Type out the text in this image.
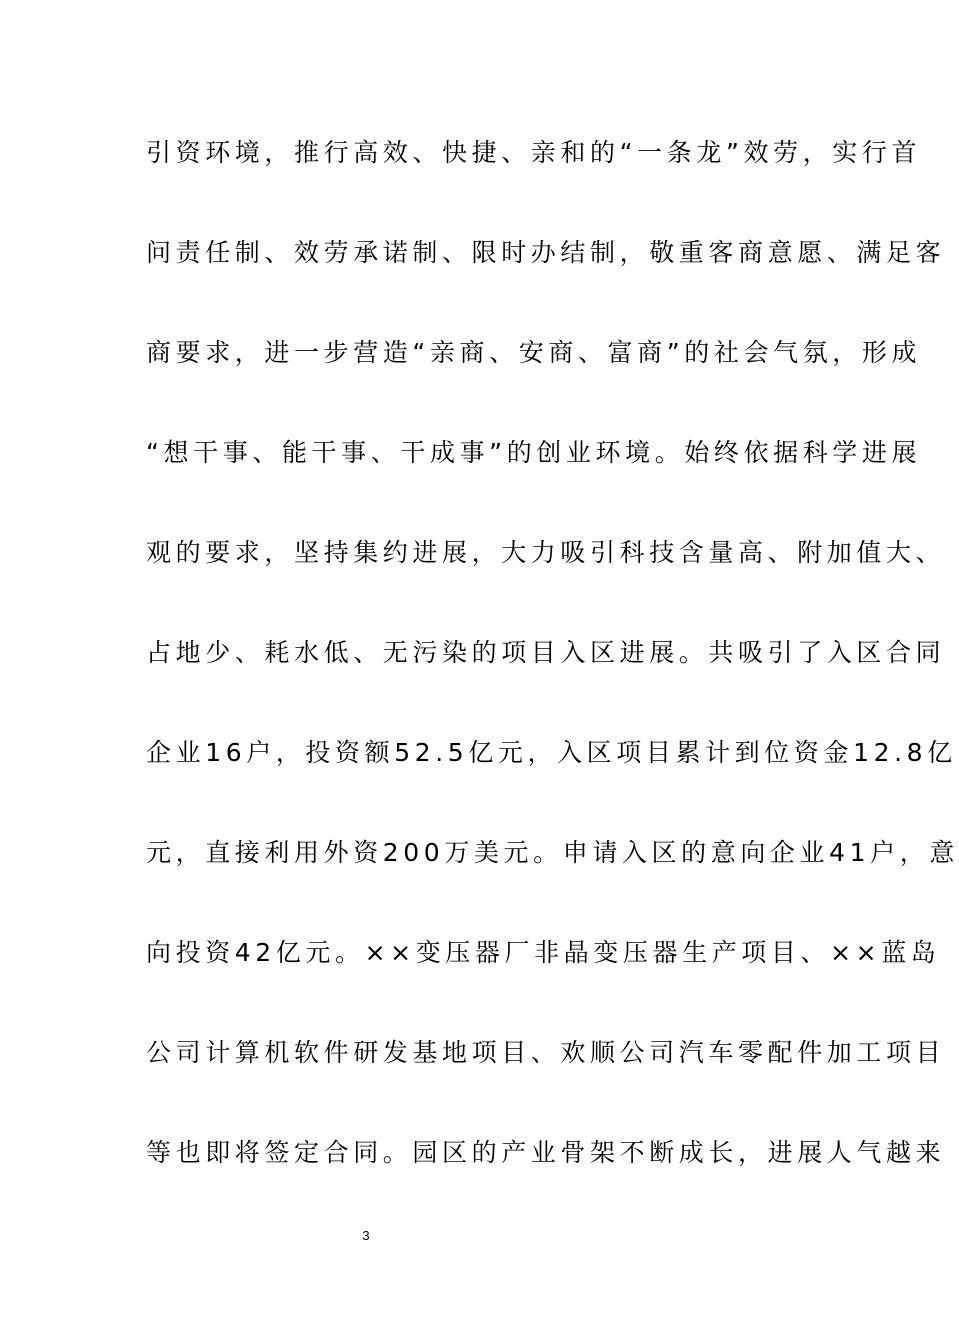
引资环境，推行高效、快捷、亲和的“一条龙”效劳，实行首
问责任制、效劳承诺制、限时办结制，敬重客商意愿、满足客
商要求，进一步营造“亲商、安商、富商”的社会气氛，形成
“想干事、能干事、干成事”的创业环境。始终依据科学进展
观的要求，坚持集约进展，大力吸引科技含量高、附加值大、
占地少、耗水低、无污染的项目入区进展。共吸引了入区合同
企业16户，投资额52.5亿元，入区项目累计到位资金12.8亿
元，直接利用外资200万美元。申请入区的意向企业41户，意
向投资42亿元。××变压器厂非晶变压器生产项目、××蓝岛
公司计算机软件研发基地项目、欢顺公司汽车零配件加工项目
等也即将签定合同。园区的产业骨架不断成长，进展人气越来
3
